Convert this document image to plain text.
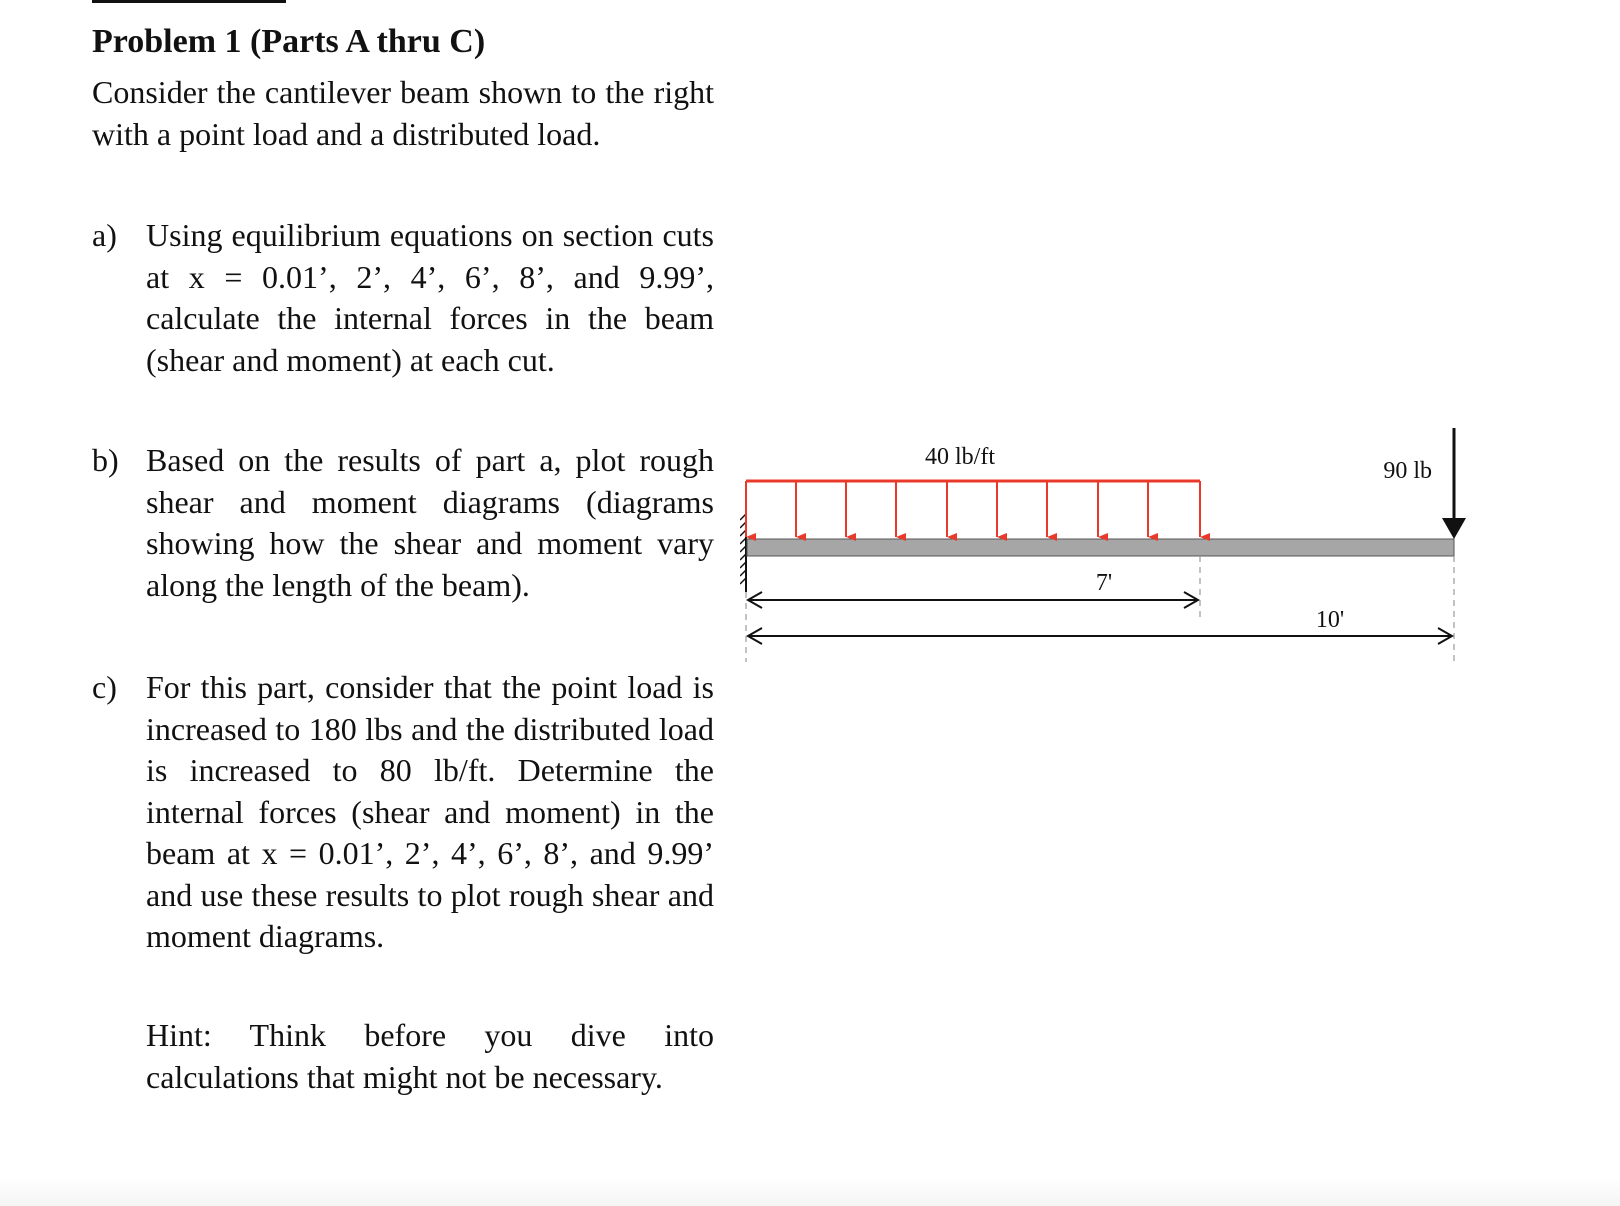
Problem 1 (Parts A thru C)
Consider the cantilever beam shown to the right with a point load and a distributed load.
a) Using equilibrium equations on section cuts at x = 0.01’, 2’, 4’, 6’, 8’, and 9.99’, calculate the internal forces in the beam (shear and moment) at each cut.
b) Based on the results of part a, plot rough shear and moment diagrams (diagrams showing how the shear and moment vary along the length of the beam).
c) For this part, consider that the point load is increased to 180 lbs and the distributed load is increased to 80 lb/ft. Determine the internal forces (shear and moment) in the beam at x = 0.01’, 2’, 4’, 6’, 8’, and 9.99’ and use these results to plot rough shear and moment diagrams.
Hint: Think before you dive into calculations that might not be necessary.
40 lb/ft
90 lb
7'
10'
